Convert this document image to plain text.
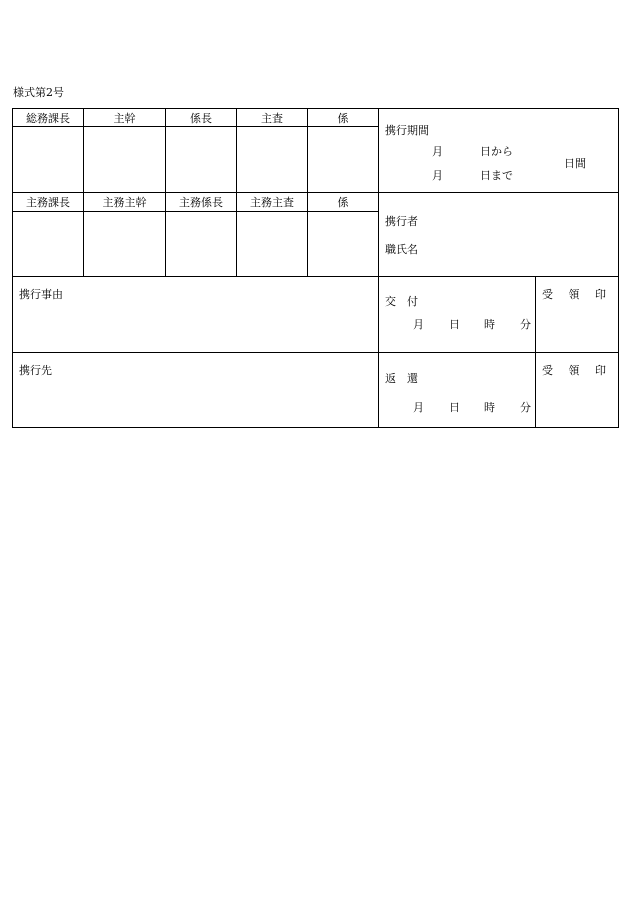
様式第2号
総務課長	主幹	係長	主査	係
携行期間
月	日から
月	日まで
日間
主務課長	主務主幹	主務係長	主務主査	係
携行者
職氏名
携行事由
交　付
月 日 時 分
受 領 印
携行先
返　還
月 日 時 分
受 領 印
